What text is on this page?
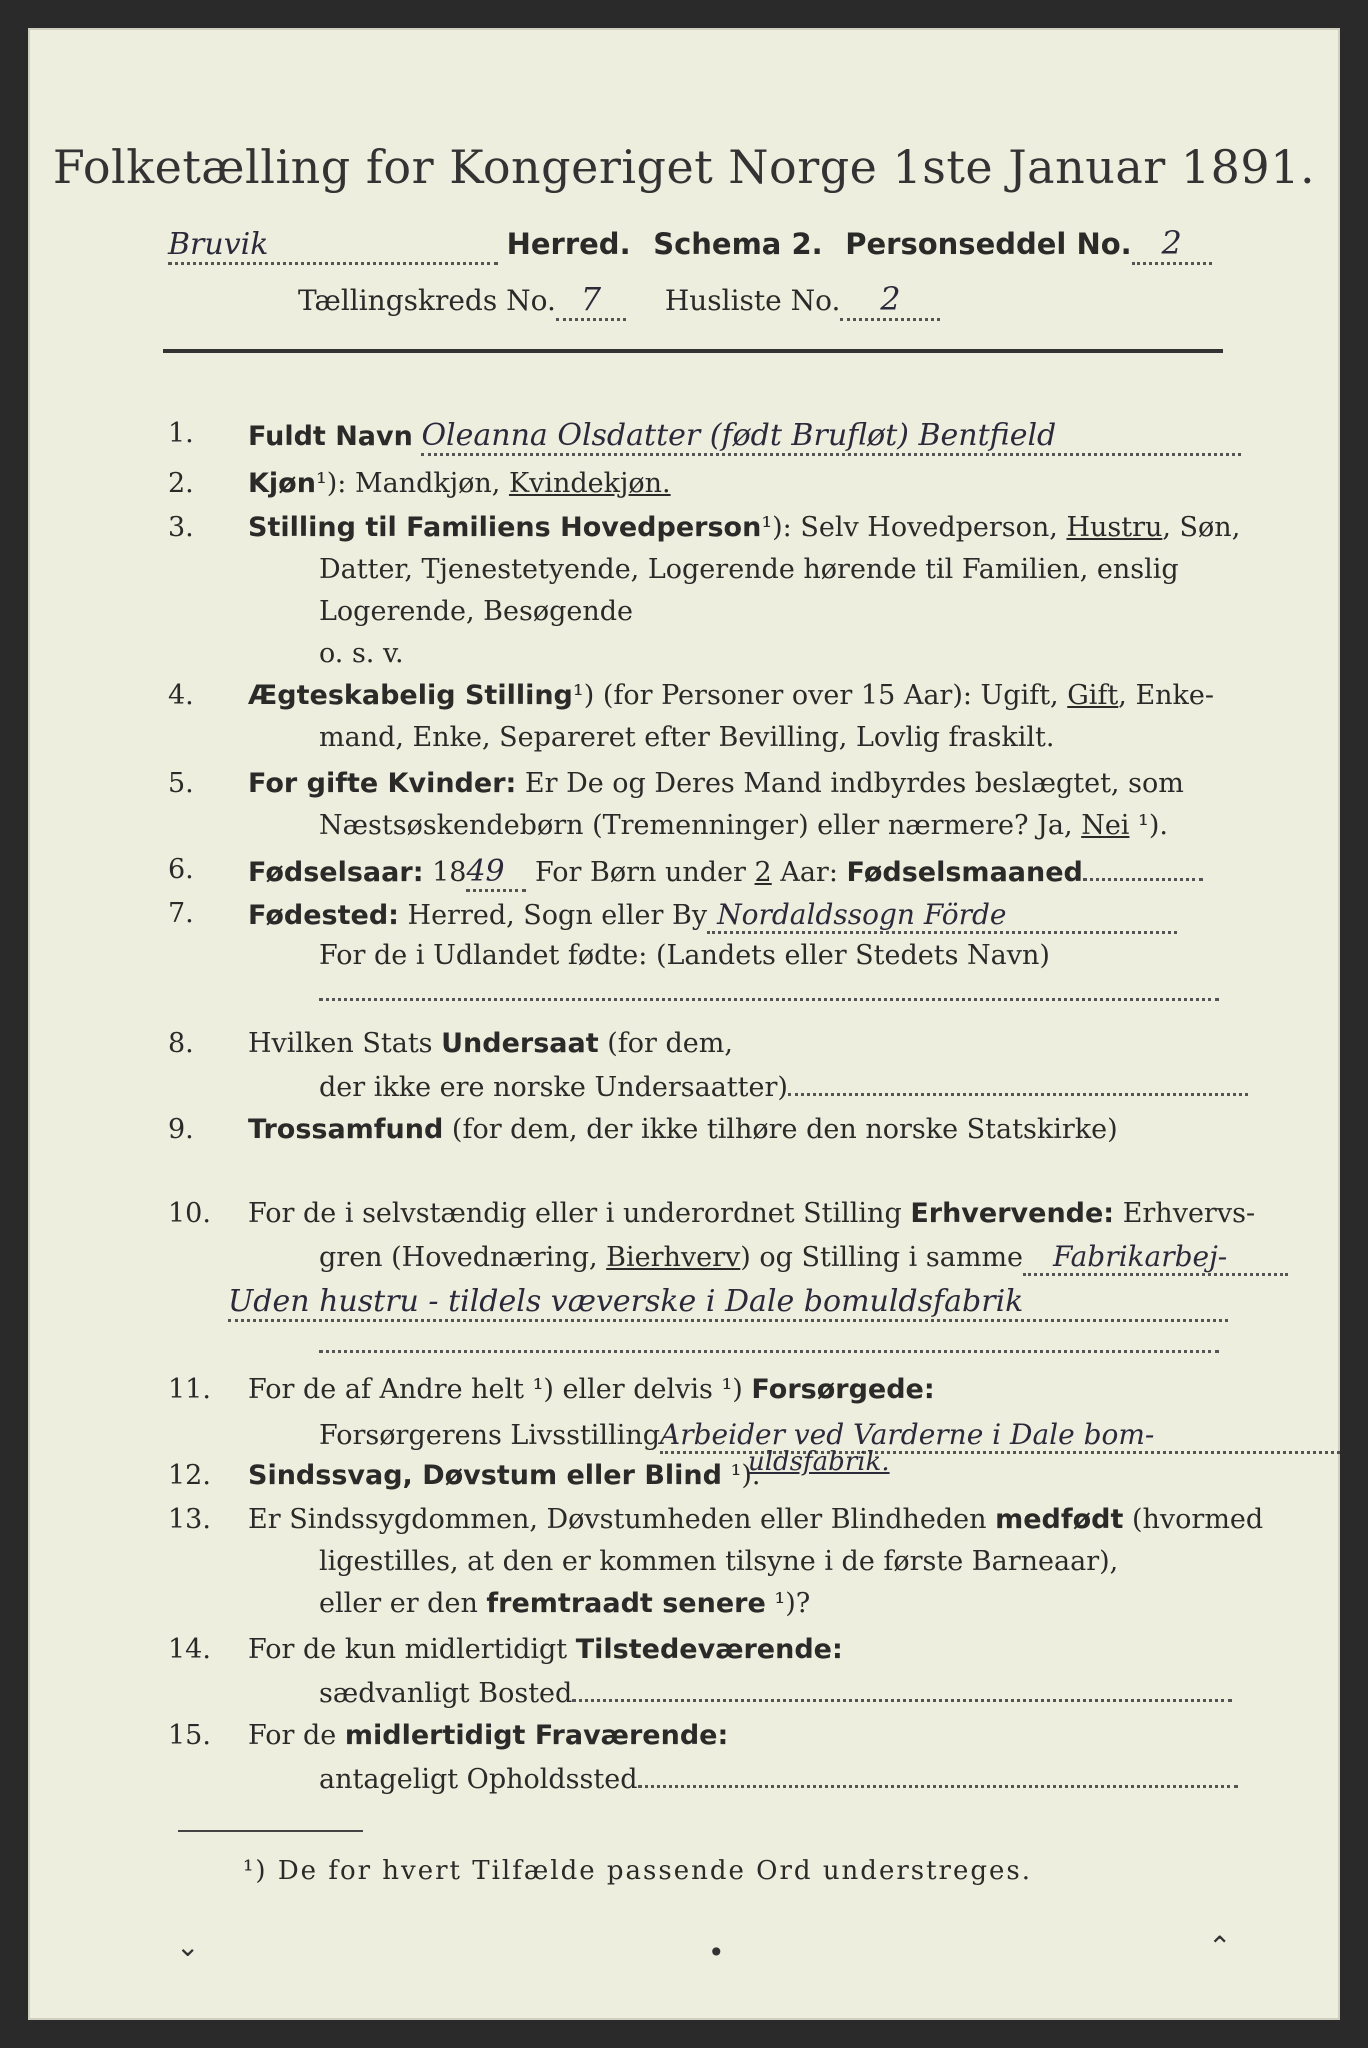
Folketælling for Kongeriget Norge 1ste Januar 1891.
Bruvik	Herred. Schema 2. Personseddel No. 2
Tællingskreds No. 7 Husliste No. 2
1.	Fuldt Navn Oleanna Olsdatter (født Brufløt) Bentfield
2.	Kjøn¹): Mandkjøn, Kvindekjøn.
3.	Stilling til Familiens Hovedperson¹): Selv Hovedperson, Hustru, Søn,
Datter, Tjenestetyende, Logerende hørende til Familien, enslig
Logerende, Besøgende
o. s. v.
4.	Ægteskabelig Stilling¹) (for Personer over 15 Aar): Ugift, Gift, Enke-
mand, Enke, Separeret efter Bevilling, Lovlig fraskilt.
5.	For gifte Kvinder: Er De og Deres Mand indbyrdes beslægtet, som
Næstsøskendebørn (Tremenninger) eller nærmere? Ja, Nei ¹).
6.	Fødselsaar: 1849 For Børn under 2 Aar: Fødselsmaaned
7.	Fødested: Herred, Sogn eller By Nordaldssogn Förde
For de i Udlandet fødte: (Landets eller Stedets Navn)
8.	Hvilken Stats Undersaat (for dem,
der ikke ere norske Undersaatter)
9.	Trossamfund (for dem, der ikke tilhøre den norske Statskirke)
10.	For de i selvstændig eller i underordnet Stilling Erhvervende: Erhvervs-
gren (Hovednæring, Bierhverv) og Stilling i samme Fabrikarbej-
Uden hustru - tildels væverske i Dale bomuldsfabrik
11.	For de af Andre helt ¹) eller delvis ¹) Forsørgede:
Forsørgerens LivsstillingArbeider ved Varderne i Dale bom-
uldsfabrik.
12.	Sindssvag, Døvstum eller Blind ¹).
13.	Er Sindssygdommen, Døvstumheden eller Blindheden medfødt (hvormed
ligestilles, at den er kommen tilsyne i de første Barneaar),
eller er den fremtraadt senere ¹)?
14.	For de kun midlertidigt Tilstedeværende:
sædvanligt Bosted
15.	For de midlertidigt Fraværende:
antageligt Opholdssted
¹) De for hvert Tilfælde passende Ord understreges.
⌄	•	⌃
